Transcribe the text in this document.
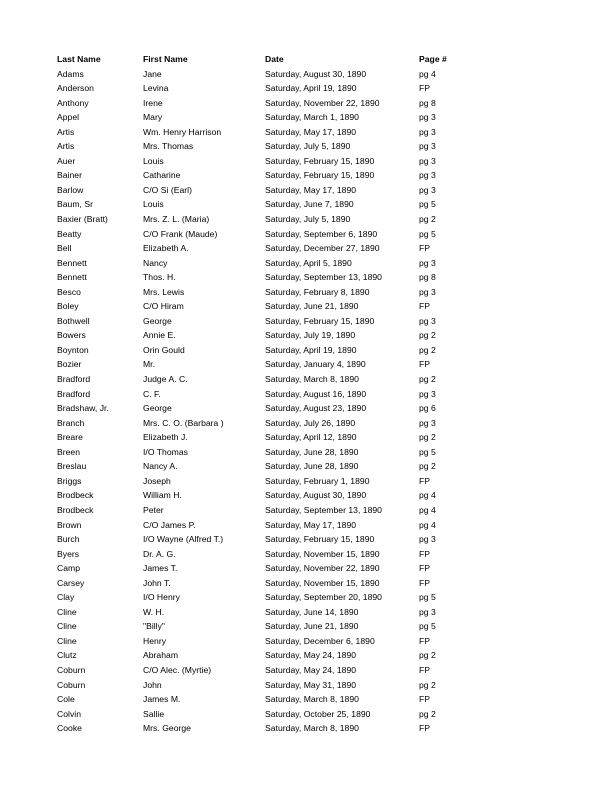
Last Name	First Name	Date	Page #
Adams	Jane	Saturday, August 30, 1890	pg 4
Anderson	Levina	Saturday, April 19, 1890	FP
Anthony	Irene	Saturday, November 22, 1890	pg 8
Appel	Mary	Saturday, March 1, 1890	pg 3
Artis	Wm. Henry Harrison	Saturday, May 17, 1890	pg 3
Artis	Mrs. Thomas	Saturday, July 5, 1890	pg 3
Auer	Louis	Saturday, February 15, 1890	pg 3
Bainer	Catharine	Saturday, February 15, 1890	pg 3
Barlow	C/O Si (Earl)	Saturday, May 17, 1890	pg 3
Baum, Sr	Louis	Saturday, June 7, 1890	pg 5
Baxier (Bratt)	Mrs. Z. L. (Maria)	Saturday, July 5, 1890	pg 2
Beatty	C/O Frank (Maude)	Saturday, September 6, 1890	pg 5
Bell	Elizabeth A.	Saturday, December 27, 1890	FP
Bennett	Nancy	Saturday, April 5, 1890	pg 3
Bennett	Thos. H.	Saturday, September 13, 1890	pg 8
Besco	Mrs. Lewis	Saturday, February 8, 1890	pg 3
Boley	C/O Hiram	Saturday, June 21, 1890	FP
Bothwell	George	Saturday, February 15, 1890	pg 3
Bowers	Annie E.	Saturday, July 19, 1890	pg 2
Boynton	Orin Gould	Saturday, April 19, 1890	pg 2
Bozier	Mr.	Saturday, January 4, 1890	FP
Bradford	Judge A. C.	Saturday, March 8, 1890	pg 2
Bradford	C. F.	Saturday, August 16, 1890	pg 3
Bradshaw, Jr.	George	Saturday, August 23, 1890	pg 6
Branch	Mrs. C. O. (Barbara )	Saturday, July 26, 1890	pg 3
Breare	Elizabeth J.	Saturday, April 12, 1890	pg 2
Breen	I/O Thomas	Saturday, June 28, 1890	pg 5
Breslau	Nancy A.	Saturday, June 28, 1890	pg 2
Briggs	Joseph	Saturday, February 1, 1890	FP
Brodbeck	William H.	Saturday, August 30, 1890	pg 4
Brodbeck	Peter	Saturday, September 13, 1890	pg 4
Brown	C/O James P.	Saturday, May 17, 1890	pg 4
Burch	I/O Wayne (Alfred T.)	Saturday, February 15, 1890	pg 3
Byers	Dr. A. G.	Saturday, November 15, 1890	FP
Camp	James T.	Saturday, November 22, 1890	FP
Carsey	John T.	Saturday, November 15, 1890	FP
Clay	I/O Henry	Saturday, September 20, 1890	pg 5
Cline	W. H.	Saturday, June 14, 1890	pg 3
Cline	"Billy"	Saturday, June 21, 1890	pg 5
Cline	Henry	Saturday, December 6, 1890	FP
Clutz	Abraham	Saturday, May 24, 1890	pg 2
Coburn	C/O Alec. (Myrtie)	Saturday, May 24, 1890	FP
Coburn	John	Saturday, May 31, 1890	pg 2
Cole	James M.	Saturday, March 8, 1890	FP
Colvin	Sallie	Saturday, October 25, 1890	pg 2
Cooke	Mrs. George	Saturday, March 8, 1890	FP
